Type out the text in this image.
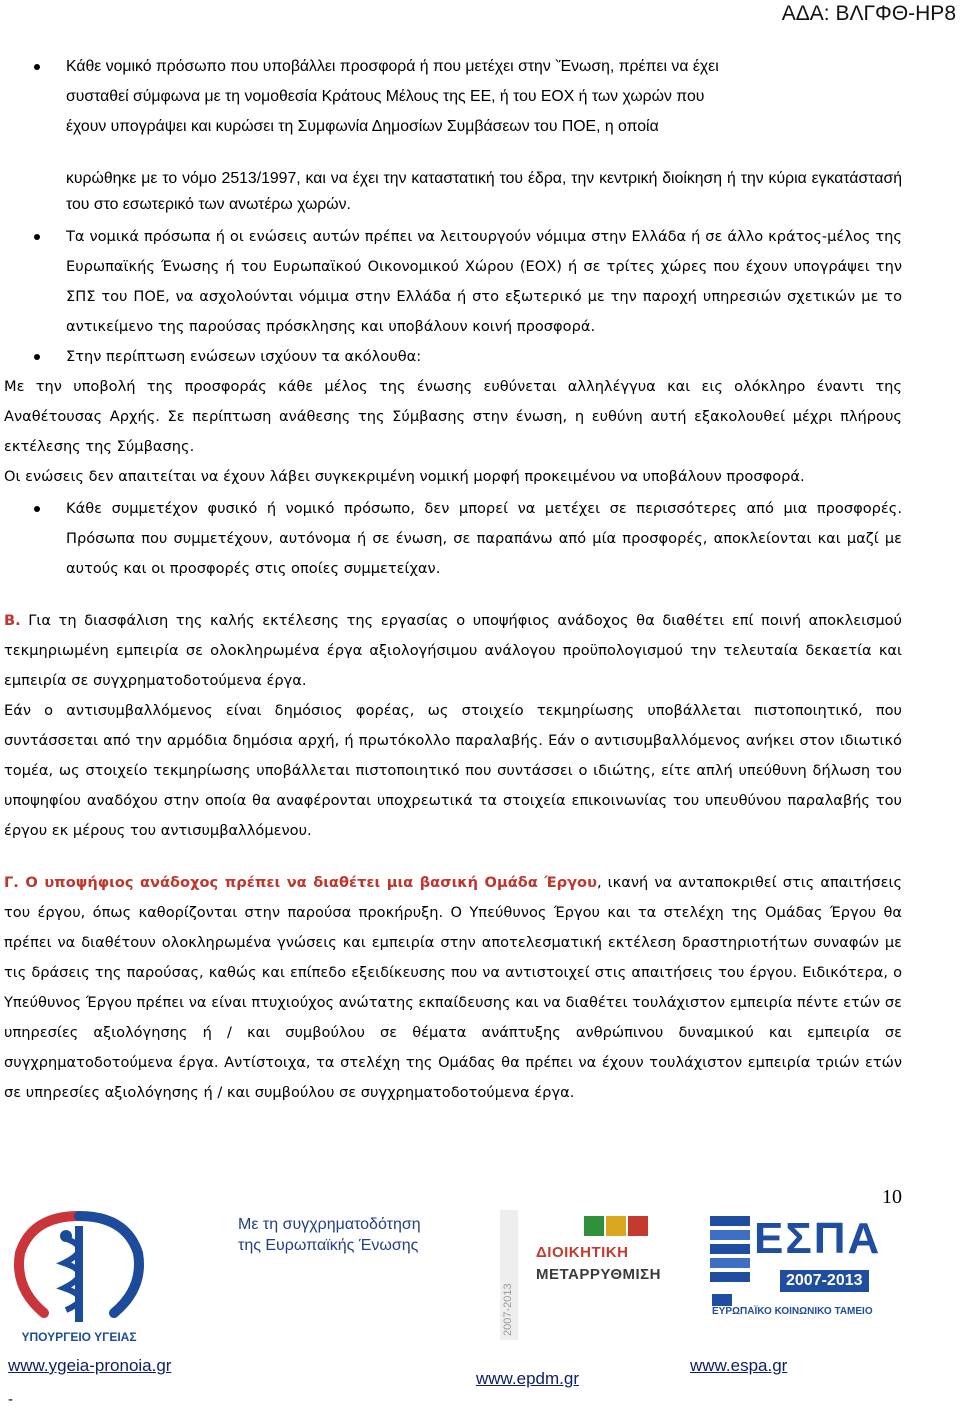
ΑΔΑ: ΒΛΓΦΘ-ΗΡ8
Κάθε νομικό πρόσωπο που υποβάλλει προσφορά ή που μετέχει στην ‵Ένωση, πρέπει να έχει
συσταθεί σύμφωνα με τη νομοθεσία Κράτους Μέλους της ΕΕ, ή του ΕΟΧ ή των χωρών που
έχουν υπογράψει και κυρώσει τη Συμφωνία Δημοσίων Συμβάσεων του ΠΟΕ, η οποία
κυρώθηκε με το νόμο 2513/1997, και να έχει την καταστατική του έδρα, την κεντρική διοίκηση ή την κύρια εγκατάστασή του στο εσωτερικό των ανωτέρω χωρών.
Τα νομικά πρόσωπα ή οι ενώσεις αυτών πρέπει να λειτουργούν νόμιμα στην Ελλάδα ή σε άλλο κράτος-μέλος της Ευρωπαϊκής Ένωσης ή του Ευρωπαϊκού Οικονομικού Χώρου (ΕΟΧ) ή σε τρίτες χώρες που έχουν υπογράψει την ΣΠΣ του ΠΟΕ, να ασχολούνται νόμιμα στην Ελλάδα ή στο εξωτερικό με την παροχή υπηρεσιών σχετικών με το αντικείμενο της παρούσας πρόσκλησης και υποβάλουν κοινή προσφορά.
Στην περίπτωση ενώσεων ισχύουν τα ακόλουθα:
Με την υποβολή της προσφοράς κάθε μέλος της ένωσης ευθύνεται αλληλέγγυα και εις ολόκληρο έναντι της Αναθέτουσας Αρχής. Σε περίπτωση ανάθεσης της Σύμβασης στην ένωση, η ευθύνη αυτή εξακολουθεί μέχρι πλήρους εκτέλεσης της Σύμβασης.
Οι ενώσεις δεν απαιτείται να έχουν λάβει συγκεκριμένη νομική μορφή προκειμένου να υποβάλουν προσφορά.
Κάθε συμμετέχον φυσικό ή νομικό πρόσωπο, δεν μπορεί να μετέχει σε περισσότερες από μια προσφορές. Πρόσωπα που συμμετέχουν, αυτόνομα ή σε ένωση, σε παραπάνω από μία προσφορές, αποκλείονται και μαζί με αυτούς και οι προσφορές στις οποίες συμμετείχαν.
Β. Για τη διασφάλιση της καλής εκτέλεσης της εργασίας ο υποψήφιος ανάδοχος θα διαθέτει επί ποινή αποκλεισμού τεκμηριωμένη εμπειρία σε ολοκληρωμένα έργα αξιολογήσιμου ανάλογου προϋπολογισμού την τελευταία δεκαετία και εμπειρία σε συγχρηματοδοτούμενα έργα.
Εάν ο αντισυμβαλλόμενος είναι δημόσιος φορέας, ως στοιχείο τεκμηρίωσης υποβάλλεται πιστοποιητικό, που συντάσσεται από την αρμόδια δημόσια αρχή, ή πρωτόκολλο παραλαβής. Εάν ο αντισυμβαλλόμενος ανήκει στον ιδιωτικό τομέα, ως στοιχείο τεκμηρίωσης υποβάλλεται πιστοποιητικό που συντάσσει ο ιδιώτης, είτε απλή υπεύθυνη δήλωση του υποψηφίου αναδόχου στην οποία θα αναφέρονται υποχρεωτικά τα στοιχεία επικοινωνίας του υπευθύνου παραλαβής του έργου εκ μέρους του αντισυμβαλλόμενου.
Γ. Ο υποψήφιος ανάδοχος πρέπει να διαθέτει μια βασική Ομάδα Έργου, ικανή να ανταποκριθεί στις απαιτήσεις του έργου, όπως καθορίζονται στην παρούσα προκήρυξη. Ο Υπεύθυνος Έργου και τα στελέχη της Ομάδας Έργου θα πρέπει να διαθέτουν ολοκληρωμένα γνώσεις και εμπειρία στην αποτελεσματική εκτέλεση δραστηριοτήτων συναφών με τις δράσεις της παρούσας, καθώς και επίπεδο εξειδίκευσης που να αντιστοιχεί στις απαιτήσεις του έργου. Ειδικότερα, ο Υπεύθυνος Έργου πρέπει να είναι πτυχιούχος ανώτατης εκπαίδευσης και να διαθέτει τουλάχιστον εμπειρία πέντε ετών σε υπηρεσίες αξιολόγησης ή / και συμβούλου σε θέματα ανάπτυξης ανθρώπινου δυναμικού και εμπειρία σε συγχρηματοδοτούμενα έργα. Αντίστοιχα, τα στελέχη της Ομάδας θα πρέπει να έχουν τουλάχιστον εμπειρία τριών ετών σε υπηρεσίες αξιολόγησης ή / και συμβούλου σε συγχρηματοδοτούμενα έργα.
10
ΥΠΟΥΡΓΕΙΟ ΥΓΕΙΑΣ
Με τη συγχρηματοδότηση
της Ευρωπαϊκής Ένωσης
2007-2013
ΔΙΟΙΚΗΤΙΚΗ
ΜΕΤΑΡΡΥΘΜΙΣΗ
ΕΣΠΑ
2007-2013
ΕΥΡΩΠΑΪΚΟ ΚΟΙΝΩΝΙΚΟ ΤΑΜΕΙΟ
www.ygeia-pronoia.gr
www.epdm.gr
www.espa.gr
-
